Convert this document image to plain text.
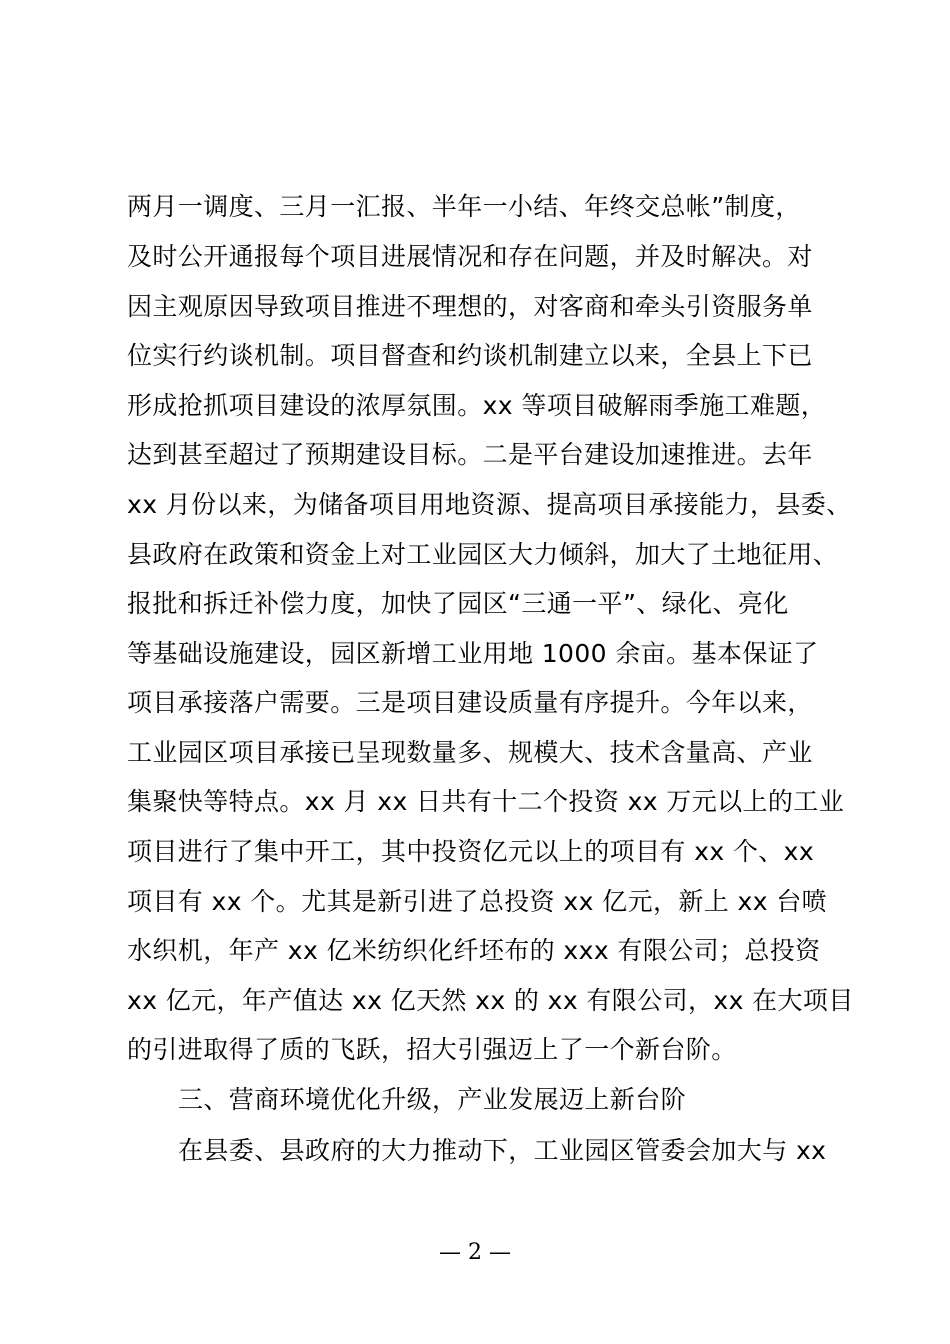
两月一调度、三月一汇报、半年一小结、年终交总帐”制度，
及时公开通报每个项目进展情况和存在问题，并及时解决。对
因主观原因导致项目推进不理想的，对客商和牵头引资服务单
位实行约谈机制。项目督查和约谈机制建立以来，全县上下已
形成抢抓项目建设的浓厚氛围。xx 等项目破解雨季施工难题，
达到甚至超过了预期建设目标。二是平台建设加速推进。去年
xx 月份以来，为储备项目用地资源、提高项目承接能力，县委、
县政府在政策和资金上对工业园区大力倾斜，加大了土地征用、
报批和拆迁补偿力度，加快了园区“三通一平”、绿化、亮化
等基础设施建设，园区新增工业用地 1000 余亩。基本保证了
项目承接落户需要。三是项目建设质量有序提升。今年以来，
工业园区项目承接已呈现数量多、规模大、技术含量高、产业
集聚快等特点。xx 月 xx 日共有十二个投资 xx 万元以上的工业
项目进行了集中开工，其中投资亿元以上的项目有 xx 个、xx
项目有 xx 个。尤其是新引进了总投资 xx 亿元，新上 xx 台喷
水织机，年产 xx 亿米纺织化纤坯布的 xxx 有限公司；总投资
xx 亿元，年产值达 xx 亿天然 xx 的 xx 有限公司，xx 在大项目
的引进取得了质的飞跃，招大引强迈上了一个新台阶。
三、营商环境优化升级，产业发展迈上新台阶
在县委、县政府的大力推动下，工业园区管委会加大与 xx
— 2 —
